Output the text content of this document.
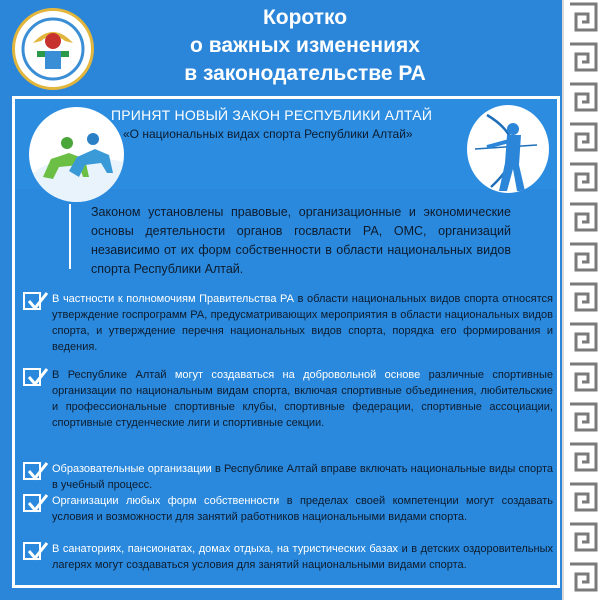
Коротко
о важных изменениях
в законодательстве РА
ПРИНЯТ НОВЫЙ ЗАКОН РЕСПУБЛИКИ АЛТАЙ
«О национальных видах спорта Республики Алтай»
Законом установлены правовые, организационные и экономические основы деятельности органов госвласти РА, ОМС, организаций независимо от их форм собственности в области национальных видов спорта Республики Алтай.
В частности к полномочиям Правительства РА в области национальных видов спорта относятся утверждение госпрограмм РА, предусматривающих мероприятия в области национальных видов спорта, и утверждение перечня национальных видов спорта, порядка его формирования и ведения.
В Республике Алтай могут создаваться на добровольной основе различные спортивные организации по национальным видам спорта, включая спортивные объединения, любительские и профессиональные спортивные клубы, спортивные федерации, спортивные ассоциации, спортивные студенческие лиги и спортивные секции.
Образовательные организации в Республике Алтай вправе включать национальные виды спорта в учебный процесс.
Организации любых форм собственности в пределах своей компетенции могут создавать условия и возможности для занятий работников национальными видами спорта.
В санаториях, пансионатах, домах отдыха, на туристических базах и в детских оздоровительных лагерях могут создаваться условия для занятий национальными видами спорта.
